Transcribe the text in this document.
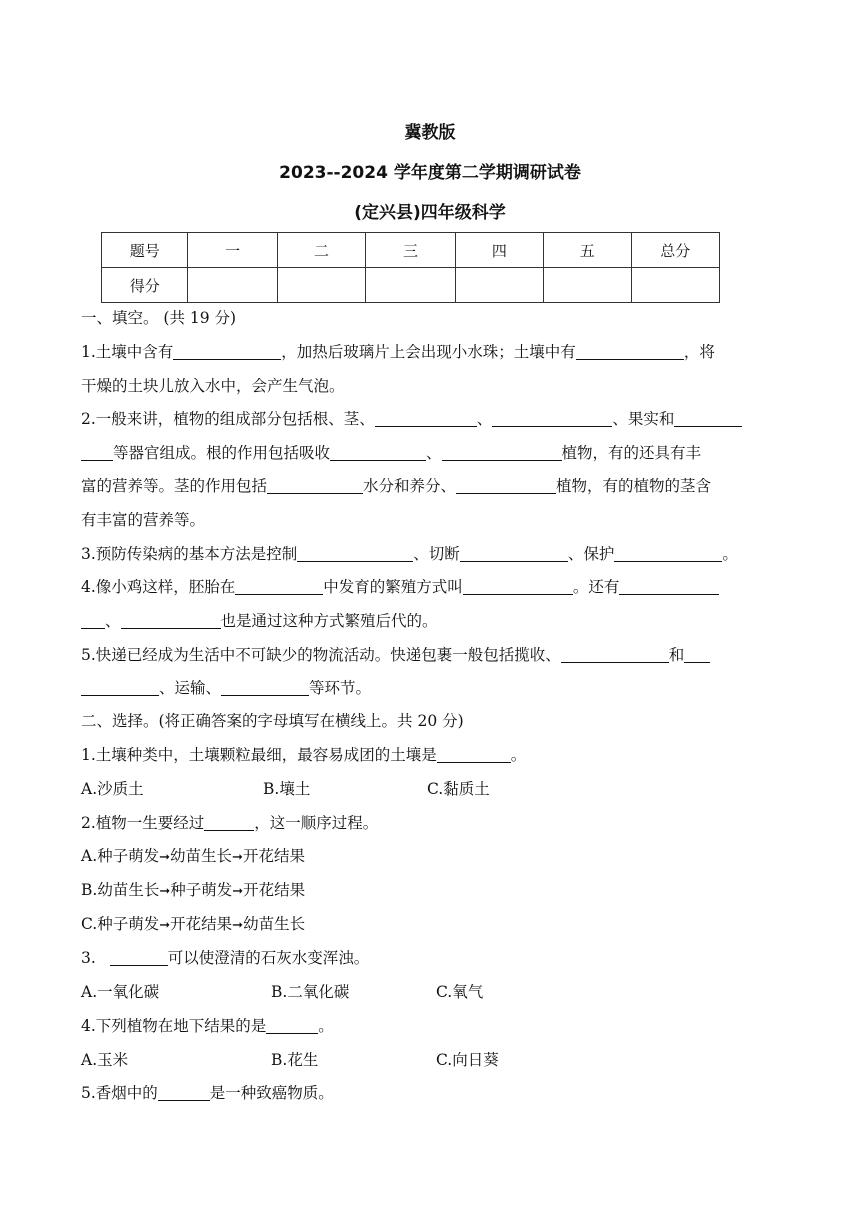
冀教版
2023--2024 学年度第二学期调研试卷
(定兴县)四年级科学
题号	一	二	三	四	五	总分
得分						
一、填空。 (共 19 分)
1.土壤中含有	，加热后玻璃片上会出现小水珠；土壤中有	，将
干燥的土块儿放入水中，会产生气泡。
2.一般来讲，植物的组成部分包括根、茎、	、	、果实和
等器官组成。根的作用包括吸收	、	植物，有的还具有丰
富的营养等。茎的作用包括	水分和养分、	植物，有的植物的茎含
有丰富的营养等。
3.预防传染病的基本方法是控制	、切断	、保护	。
4.像小鸡这样，胚胎在	中发育的繁殖方式叫	。还有
、	也是通过这种方式繁殖后代的。
5.快递已经成为生活中不可缺少的物流活动。快递包裹一般包括揽收、	和
、运输、	等环节。
二、选择。(将正确答案的字母填写在横线上。共 20 分)
1.土壤种类中，土壤颗粒最细，最容易成团的土壤是	。
A.沙质土	B.壤土	C.黏质土
2.植物一生要经过	，这一顺序过程。
A.种子萌发➞幼苗生长➞开花结果
B.幼苗生长➞种子萌发➞开花结果
C.种子萌发➞开花结果➞幼苗生长
3.	可以使澄清的石灰水变浑浊。
A.一氧化碳	B.二氧化碳	C.氧气
4.下列植物在地下结果的是	。
A.玉米	B.花生	C.向日葵
5.香烟中的	是一种致癌物质。
